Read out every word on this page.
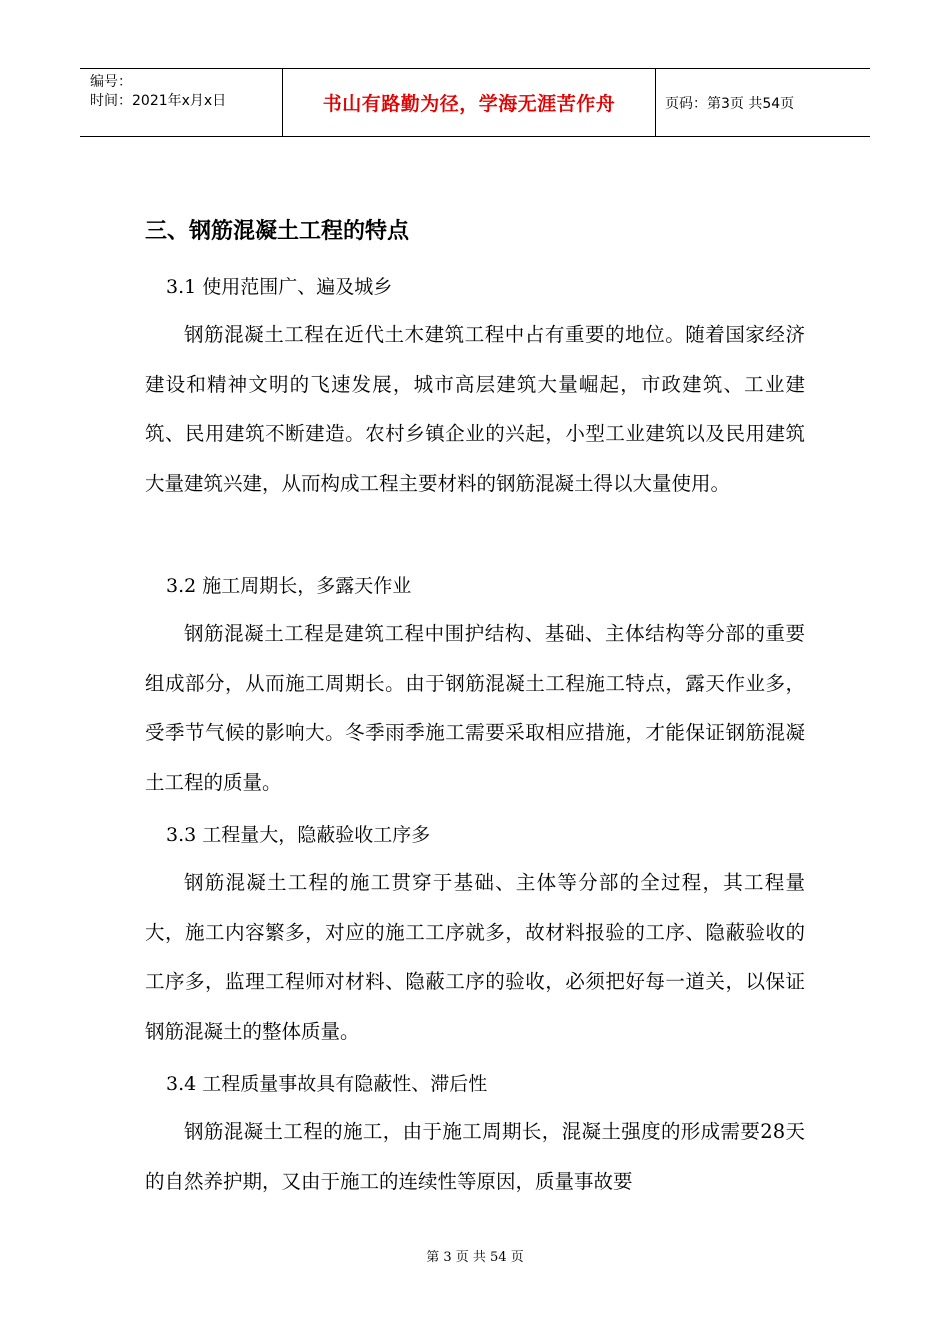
编号：
时间：2021年x月x日	书山有路勤为径，学海无涯苦作舟	页码：第3页 共54页
三、钢筋混凝土工程的特点
3.1 使用范围广、遍及城乡
钢筋混凝土工程在近代土木建筑工程中占有重要的地位。随着国家经济建设和精神文明的飞速发展，城市高层建筑大量崛起，市政建筑、工业建筑、民用建筑不断建造。农村乡镇企业的兴起，小型工业建筑以及民用建筑大量建筑兴建，从而构成工程主要材料的钢筋混凝土得以大量使用。
3.2 施工周期长，多露天作业
钢筋混凝土工程是建筑工程中围护结构、基础、主体结构等分部的重要组成部分，从而施工周期长。由于钢筋混凝土工程施工特点，露天作业多，受季节气候的影响大。冬季雨季施工需要采取相应措施，才能保证钢筋混凝土工程的质量。
3.3 工程量大，隐蔽验收工序多
钢筋混凝土工程的施工贯穿于基础、主体等分部的全过程，其工程量大，施工内容繁多，对应的施工工序就多，故材料报验的工序、隐蔽验收的工序多，监理工程师对材料、隐蔽工序的验收，必须把好每一道关，以保证钢筋混凝土的整体质量。
3.4 工程质量事故具有隐蔽性、滞后性
钢筋混凝土工程的施工，由于施工周期长，混凝土强度的形成需要28天的自然养护期，又由于施工的连续性等原因，质量事故要
第 3 页 共 54 页
